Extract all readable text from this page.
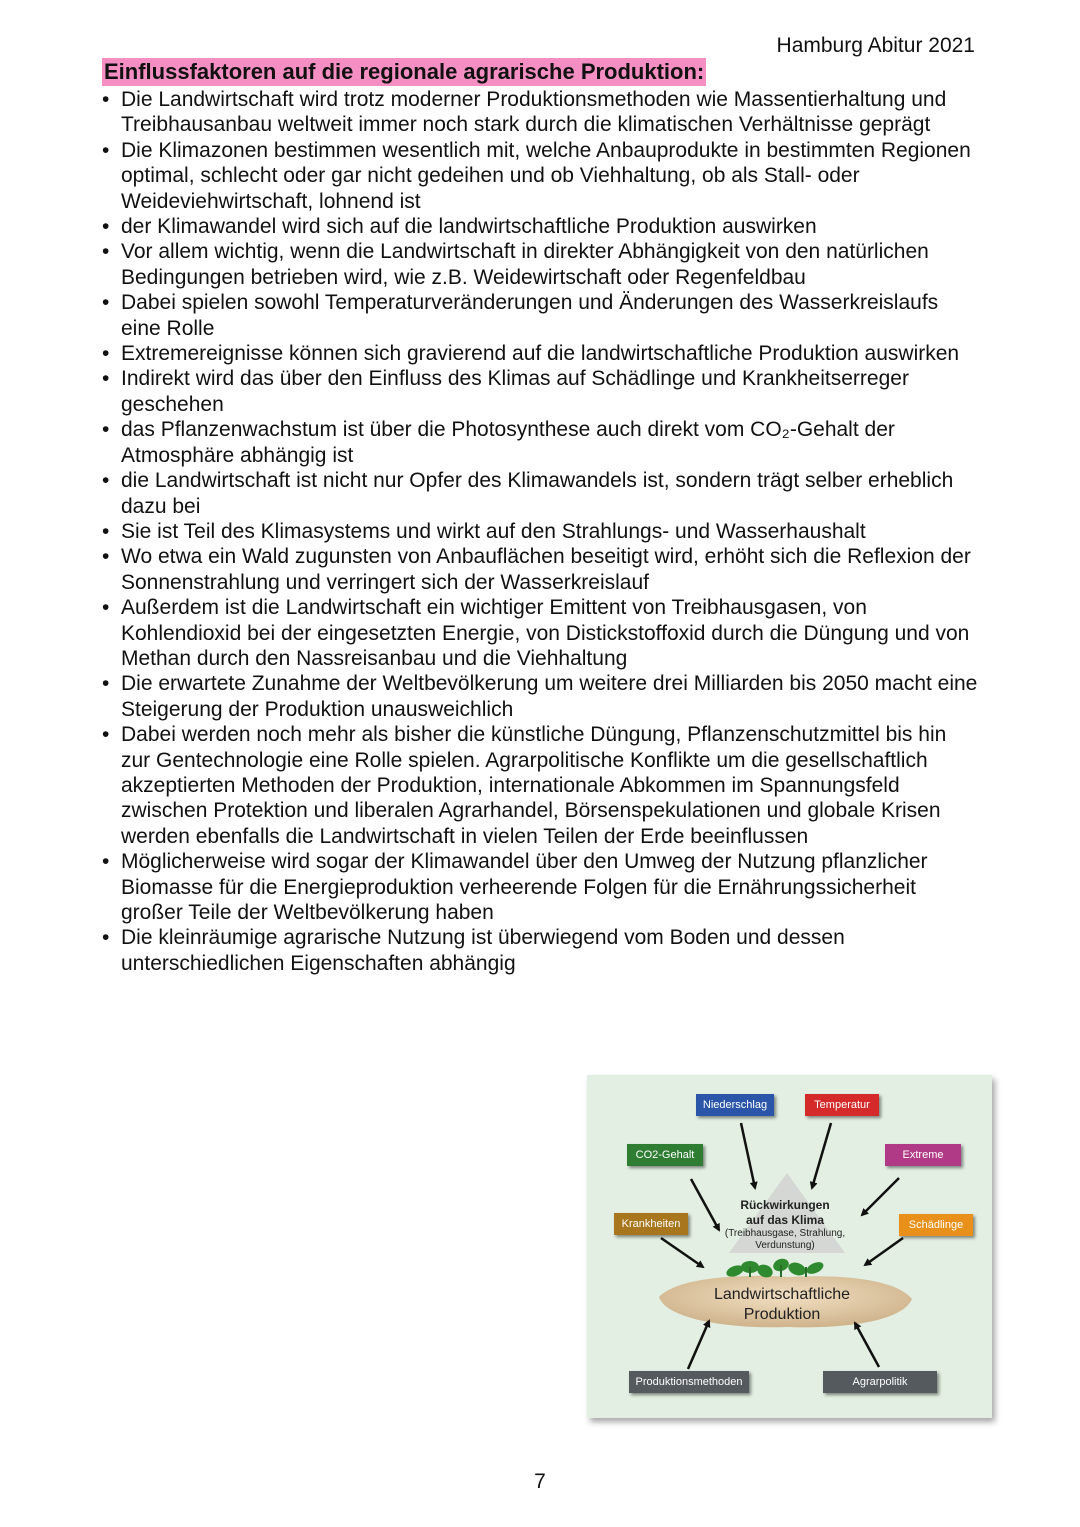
Hamburg Abitur 2021
Einflussfaktoren auf die regionale agrarische Produktion:
• Die Landwirtschaft wird trotz moderner Produktionsmethoden wie Massentierhaltung und Treibhausanbau weltweit immer noch stark durch die klimatischen Verhältnisse geprägt
• Die Klimazonen bestimmen wesentlich mit, welche Anbauprodukte in bestimmten Regionen optimal, schlecht oder gar nicht gedeihen und ob Viehhaltung, ob als Stall- oder Weideviehwirtschaft, lohnend ist
• der Klimawandel wird sich auf die landwirtschaftliche Produktion auswirken
• Vor allem wichtig, wenn die Landwirtschaft in direkter Abhängigkeit von den natürlichen Bedingungen betrieben wird, wie z.B. Weidewirtschaft oder Regenfeldbau
• Dabei spielen sowohl Temperaturveränderungen und Änderungen des Wasserkreislaufs eine Rolle
• Extremereignisse können sich gravierend auf die landwirtschaftliche Produktion auswirken
• Indirekt wird das über den Einfluss des Klimas auf Schädlinge und Krankheitserreger geschehen
• das Pflanzenwachstum ist über die Photosynthese auch direkt vom CO₂-Gehalt der Atmosphäre abhängig ist
• die Landwirtschaft ist nicht nur Opfer des Klimawandels ist, sondern trägt selber erheblich dazu bei
• Sie ist Teil des Klimasystems und wirkt auf den Strahlungs- und Wasserhaushalt
• Wo etwa ein Wald zugunsten von Anbauflächen beseitigt wird, erhöht sich die Reflexion der Sonnenstrahlung und verringert sich der Wasserkreislauf
• Außerdem ist die Landwirtschaft ein wichtiger Emittent von Treibhausgasen, von Kohlendioxid bei der eingesetzten Energie, von Distickstoffoxid durch die Düngung und von Methan durch den Nassreisanbau und die Viehhaltung
• Die erwartete Zunahme der Weltbevölkerung um weitere drei Milliarden bis 2050 macht eine Steigerung der Produktion unausweichlich
• Dabei werden noch mehr als bisher die künstliche Düngung, Pflanzenschutzmittel bis hin zur Gentechnologie eine Rolle spielen. Agrarpolitische Konflikte um die gesellschaftlich akzeptierten Methoden der Produktion, internationale Abkommen im Spannungsfeld zwischen Protektion und liberalen Agrarhandel, Börsenspekulationen und globale Krisen werden ebenfalls die Landwirtschaft in vielen Teilen der Erde beeinflussen
• Möglicherweise wird sogar der Klimawandel über den Umweg der Nutzung pflanzlicher Biomasse für die Energieproduktion verheerende Folgen für die Ernährungssicherheit großer Teile der Weltbevölkerung haben
• Die kleinräumige agrarische Nutzung ist überwiegend vom Boden und dessen unterschiedlichen Eigenschaften abhängig
Niederschlag	Temperatur
CO2-Gehalt	Extreme
Krankheiten	Schädlinge
Produktionsmethoden	Agrarpolitik
Rückwirkungen
auf das Klima
(Treibhausgase, Strahlung,
Verdunstung)
Landwirtschaftliche
Produktion
7
